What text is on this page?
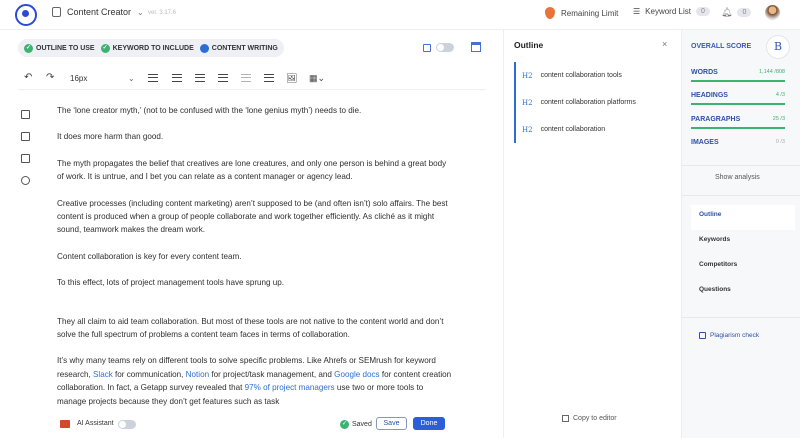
Content Creator ⌄ ver. 3.17.6	Remaining Limit ☰ Keyword List	0	🔔︎	0
✓ OUTLINE TO USE	✓ KEYWORD TO INCLUDE	CONTENT WRITING
↶ ↷ 16px	⌄	🖼︎ ▦⌄

The ‘lone creator myth,’ (not to be confused with the ‘lone genius myth’) needs to die.

It does more harm than good.

The myth propagates the belief that creatives are lone creatures, and only one person is behind a great body of work. It is untrue, and I bet you can relate as a content manager or agency lead.

Creative processes (including content marketing) aren’t supposed to be (and often isn’t) solo affairs. The best content is produced when a group of people collaborate and work together efficiently. As cliché as it might sound, teamwork makes the dream work.

Content collaboration is key for every content team.

To this effect, lots of project management tools have sprung up.

They all claim to aid team collaboration. But most of these tools are not native to the content world and don’t solve the full spectrum of problems a content team faces in terms of collaboration.

It’s why many teams rely on different tools to solve specific problems. Like Ahrefs or SEMrush for keyword research, Slack for communication, Notion for project/task management, and Google docs for content creation collaboration. In fact, a Getapp survey revealed that 97% of project managers use two or more tools to manage projects because they don’t get features such as task

AI Assistant	✓ Saved	Save	Done
Outline	×
H2 content collaboration tools
H2 content collaboration platforms
H2 content collaboration
Copy to editor
OVERALL SCORE	B
WORDS	1,144 /808
HEADINGS	4 /3
PARAGRAPHS	25 /3
IMAGES	0 /3
Show analysis
Outline
Keywords
Competitors
Questions
Plagiarism check
